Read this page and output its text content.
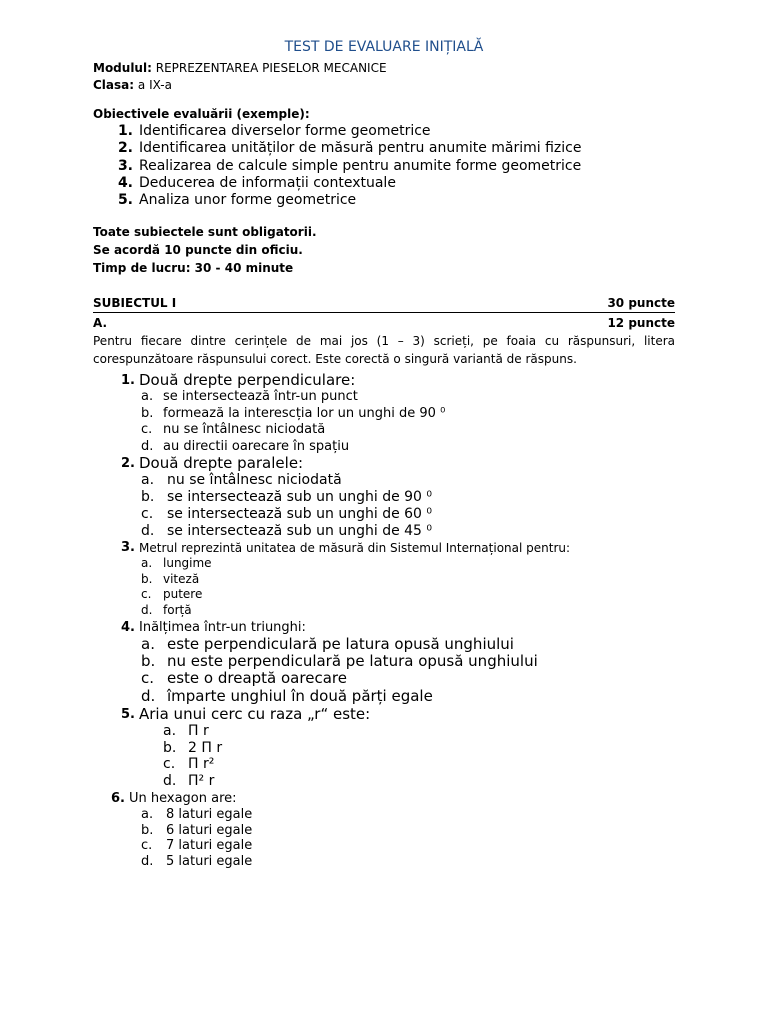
TEST DE EVALUARE INIȚIALĂ
Modulul: REPREZENTAREA PIESELOR MECANICE
Clasa: a IX-a
Obiectivele evaluării (exemple):
1. Identificarea diverselor forme geometrice
2. Identificarea unităților de măsură pentru anumite mărimi fizice
3. Realizarea de calcule simple pentru anumite forme geometrice
4. Deducerea de informații contextuale
5. Analiza unor forme geometrice
Toate subiectele sunt obligatorii.
Se acordă 10 puncte din oficiu.
Timp de lucru: 30 - 40 minute
SUBIECTUL I	30 puncte
A.	12 puncte
Pentru fiecare dintre cerințele de mai jos (1 – 3) scrieți, pe foaia cu răspunsuri, litera corespunzătoare răspunsului corect. Este corectă o singură variantă de răspuns.
1. Două drepte perpendiculare:
a. se intersectează într-un punct
b. formează la interescția lor un unghi de 90 ⁰
c. nu se întâlnesc niciodată
d. au directii oarecare în spațiu
2. Două drepte paralele:
a. nu se întâlnesc niciodată
b. se intersectează sub un unghi de 90 ⁰
c. se intersectează sub un unghi de 60 ⁰
d. se intersectează sub un unghi de 45 ⁰
3. Metrul reprezintă unitatea de măsură din Sistemul Internațional pentru:
a. lungime
b. viteză
c. putere
d. forță
4. Inălțimea într-un triunghi:
a. este perpendiculară pe latura opusă unghiului
b. nu este perpendiculară pe latura opusă unghiului
c. este o dreaptă oarecare
d. împarte unghiul în două părți egale
5. Aria unui cerc cu raza „r“ este:
a. Π r
b. 2 Π r
c. Π r²
d. Π² r
6. Un hexagon are:
a. 8 laturi egale
b. 6 laturi egale
c. 7 laturi egale
d. 5 laturi egale
